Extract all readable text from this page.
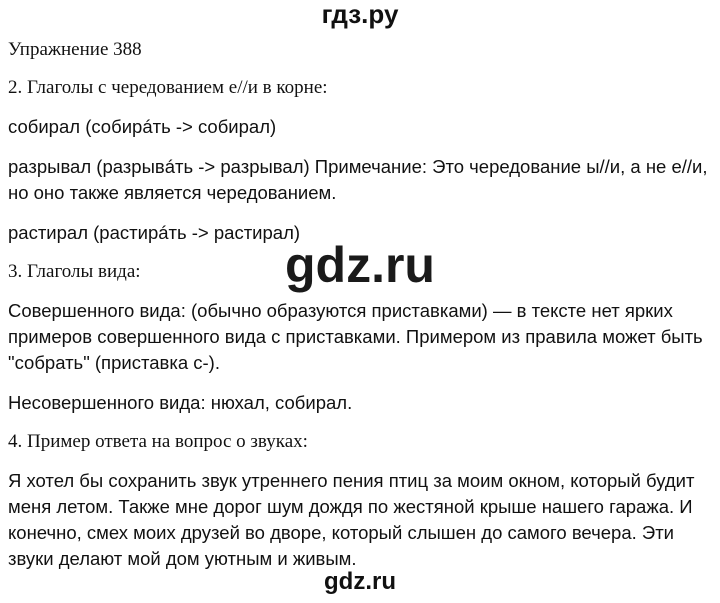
гдз.ру

Упражнение 388

2. Глаголы с чередованием е//и в корне:

собирал (собирáть -> собирал)

разрывал (разрывáть -> разрывал) Примечание: Это чередование ы//и, а не е//и, но оно также является чередованием.

растирал (растирáть -> растирал)

3. Глаголы вида:

Совершенного вида: (обычно образуются приставками) — в тексте нет ярких примеров совершенного вида с приставками. Примером из правила может быть "собрать" (приставка с-).

Несовершенного вида: нюхал, собирал.

4. Пример ответа на вопрос о звуках:

Я хотел бы сохранить звук утреннего пения птиц за моим окном, который будит меня летом. Также мне дорог шум дождя по жестяной крыше нашего гаража. И конечно, смех моих друзей во дворе, который слышен до самого вечера. Эти звуки делают мой дом уютным и живым.

gdz.ru
gdz.ru
